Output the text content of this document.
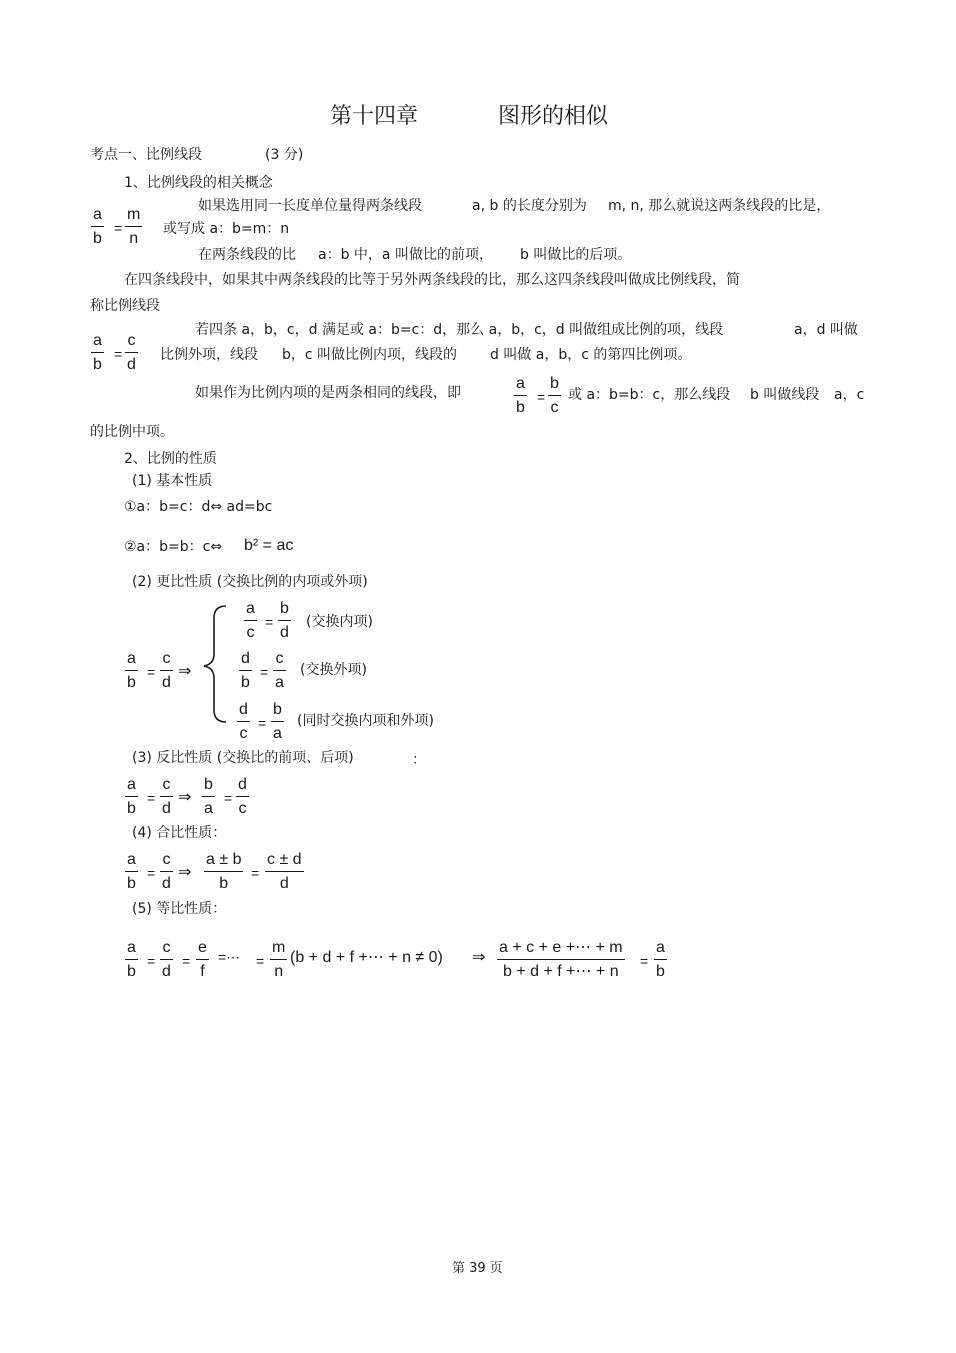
第十四章	图形的相似
考点一、比例线段	(3 分)
1、比例线段的相关概念
如果选用同一长度单位量得两条线段	a, b 的长度分别为 m, n, 那么就说这两条线段的比是，
a
b
=
m
n
或写成 a：b=m：n
在两条线段的比 a：b 中，a 叫做比的前项， b 叫做比的后项。
在四条线段中，如果其中两条线段的比等于另外两条线段的比，那么这四条线段叫做成比例线段，简
称比例线段
a
b
=
c
d
若四条 a，b，c，d 满足或 a：b=c：d，那么 a，b，c，d 叫做组成比例的项，线段	a，d 叫做
比例外项，线段 b，c 叫做比例内项，线段的 d 叫做 a，b，c 的第四比例项。
如果作为比例内项的是两条相同的线段，即
a
b
=
b
c
或 a：b=b：c，那么线段 b 叫做线段 a，c
的比例中项。
2、比例的性质
(1) 基本性质
①a：b=c：d⇔ ad=bc
②a：b=b：c⇔ b² = ac
(2) 更比性质 (交换比例的内项或外项)
a
b
=
c
d
⇒
a
c
=
b
d
(交换内项)
d
b
=
c
a
(交换外项)
d
c
=
b
a
(同时交换内项和外项)
(3) 反比性质 (交换比的前项、后项)	：
a
b
=
c
d
⇒
b
a
=
d
c
(4) 合比性质：
a
b
=
c
d
⇒
a ± b
b
=
c ± d
d
(5) 等比性质：
a
b
=
c
d
=
e
f
=⋯ =
m
n
(b + d + f +⋯ + n ≠ 0) ⇒
a + c + e +⋯ + m
b + d + f +⋯ + n
=
a
b
第 39 页
